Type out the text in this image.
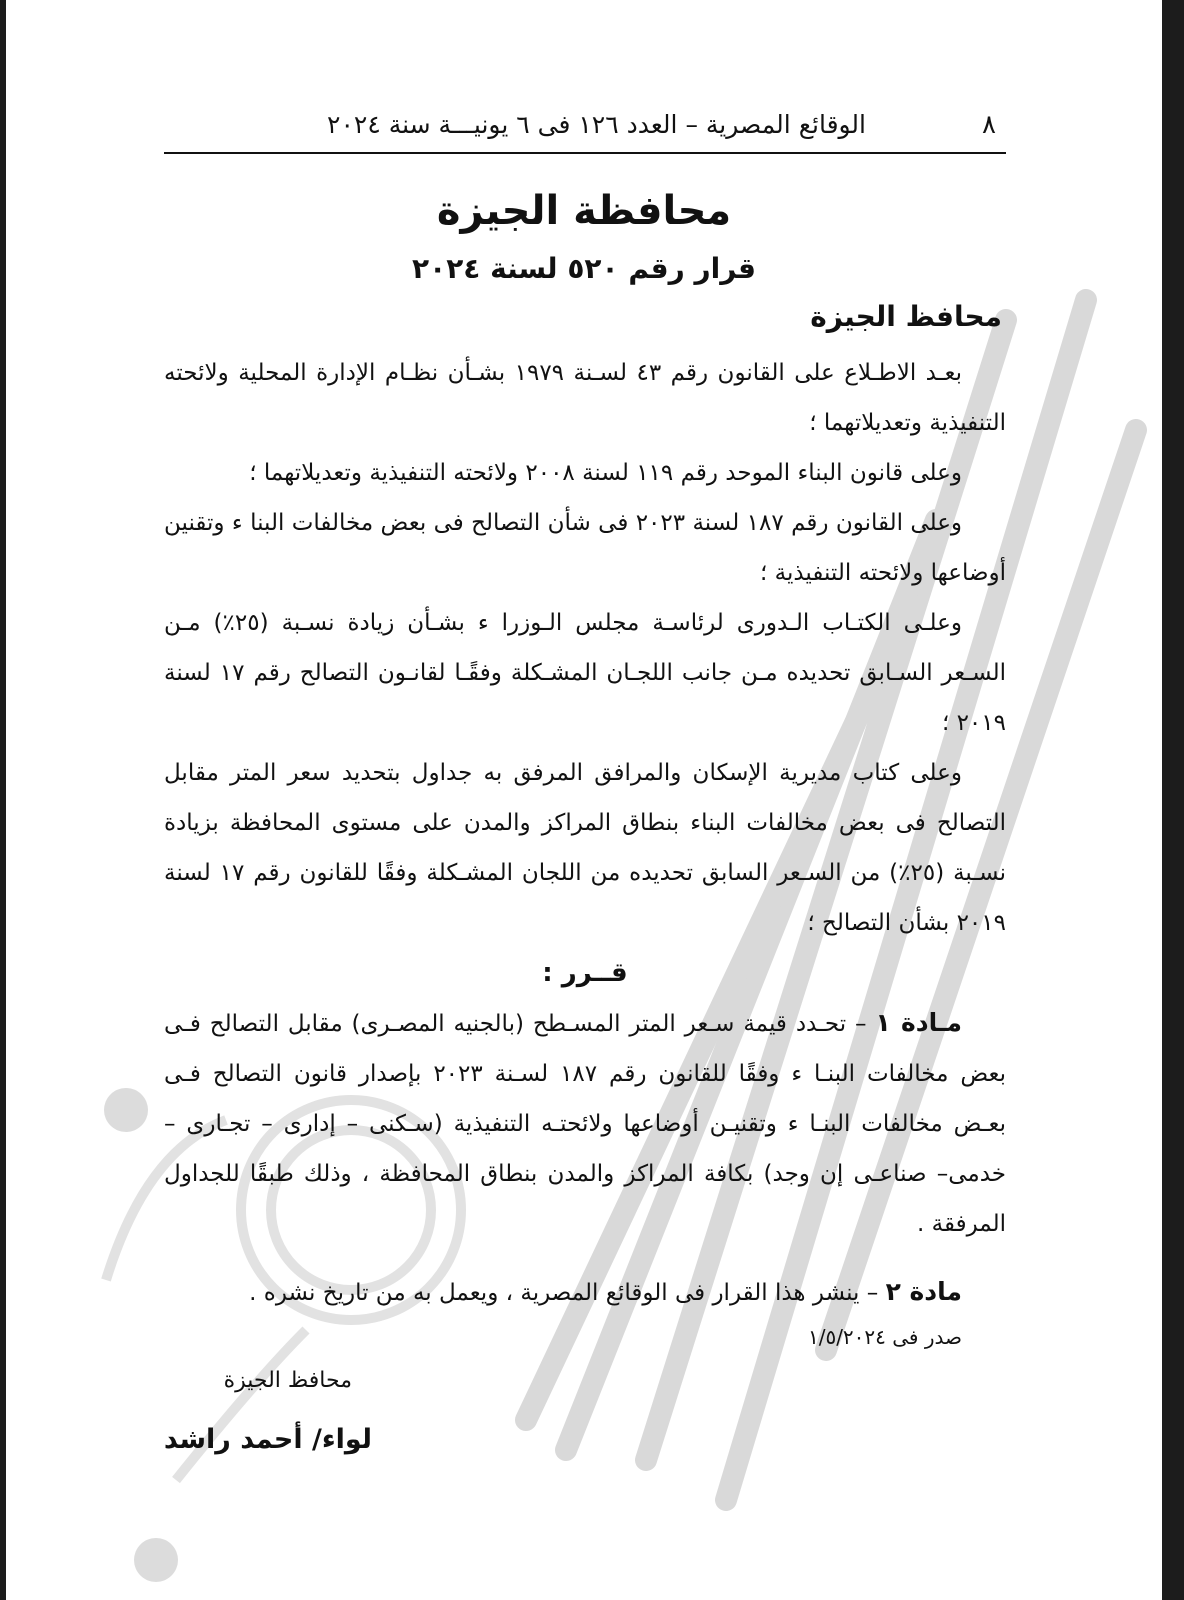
٨
الوقائع المصرية – العدد ١٢٦ فى ٦ يونيـــة سنة ٢٠٢٤
محافظة الجيزة
قرار رقم ٥٢٠ لسنة ٢٠٢٤
محافظ الجيزة

بعـد الاطـلاع على القانون رقم ٤٣ لسـنة ١٩٧٩ بشـأن نظـام الإدارة المحلية ولائحته التنفيذية وتعديلاتهما ؛

وعلى قانون البناء الموحد رقم ١١٩ لسنة ٢٠٠٨ ولائحته التنفيذية وتعديلاتهما ؛

وعلى القانون رقم ١٨٧ لسنة ٢٠٢٣ فى شأن التصالح فى بعض مخالفات البنا ء وتقنين أوضاعها ولائحته التنفيذية ؛

وعلـى الكتـاب الـدورى لرئاسـة مجلس الـوزرا ء بشـأن زيادة نسـبة (٢٥٪) مـن السـعر السـابق تحديده مـن جانب اللجـان المشـكلة وفقًـا لقانـون التصالح رقم ١٧ لسنة ٢٠١٩ ؛

وعلى كتاب مديرية الإسكان والمرافق المرفق به جداول بتحديد سعر المتر مقابل التصالح فى بعض مخالفات البناء بنطاق المراكز والمدن على مستوى المحافظة بزيادة نسـبة (٢٥٪) من السـعر السابق تحديده من اللجان المشـكلة وفقًا للقانون رقم ١٧ لسنة ٢٠١٩ بشأن التصالح ؛

قــرر :

مـادة ١ – تحـدد قيمة سـعر المتر المسـطح (بالجنيه المصـرى) مقابل التصالح فـى بعض مخالفات البنـا ء وفقًا للقانون رقم ١٨٧ لسـنة ٢٠٢٣ بإصدار قانون التصالح فـى بعـض مخالفات البنـا ء وتقنيـن أوضاعها ولائحتـه التنفيذية (سـكنى – إدارى – تجـارى – خدمى– صناعـى إن وجد) بكافة المراكز والمدن بنطاق المحافظة ، وذلك طبقًا للجداول المرفقة .

مادة ٢ – ينشر هذا القرار فى الوقائع المصرية ، ويعمل به من تاريخ نشره .

صدر فى ١/٥/٢٠٢٤

محافظ الجيزة
لواء/ أحمد راشد
